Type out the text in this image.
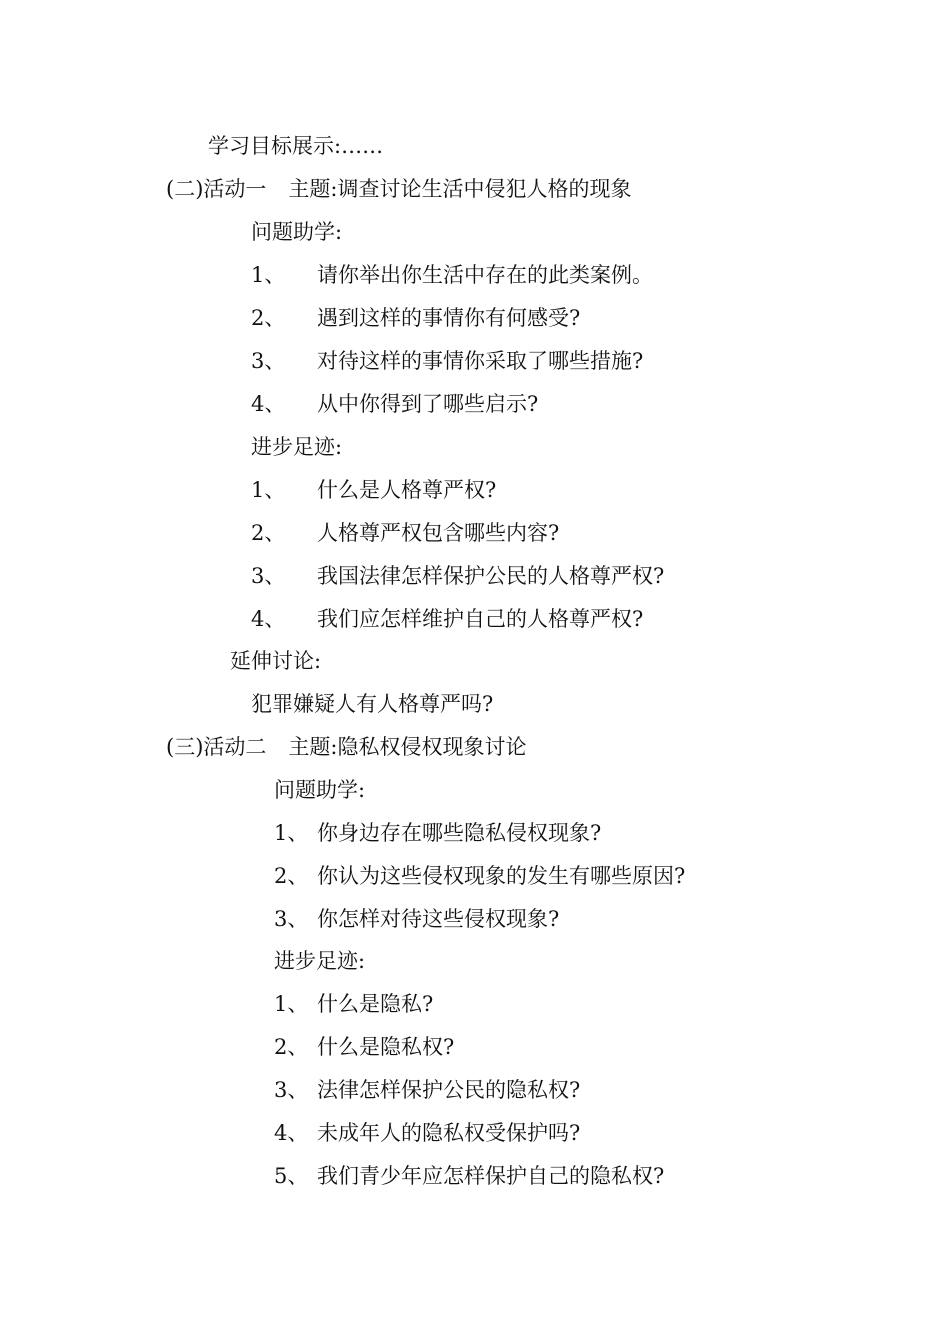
学习目标展示:……
(二)活动一 主题:调查讨论生活中侵犯人格的现象
问题助学:
1、 请你举出你生活中存在的此类案例。
2、 遇到这样的事情你有何感受?
3、 对待这样的事情你采取了哪些措施?
4、 从中你得到了哪些启示?
进步足迹:
1、 什么是人格尊严权?
2、 人格尊严权包含哪些内容?
3、 我国法律怎样保护公民的人格尊严权?
4、 我们应怎样维护自己的人格尊严权?
延伸讨论:
犯罪嫌疑人有人格尊严吗?
(三)活动二 主题:隐私权侵权现象讨论
问题助学:
1、 你身边存在哪些隐私侵权现象?
2、 你认为这些侵权现象的发生有哪些原因?
3、 你怎样对待这些侵权现象?
进步足迹:
1、 什么是隐私?
2、 什么是隐私权?
3、 法律怎样保护公民的隐私权?
4、 未成年人的隐私权受保护吗?
5、 我们青少年应怎样保护自己的隐私权?
